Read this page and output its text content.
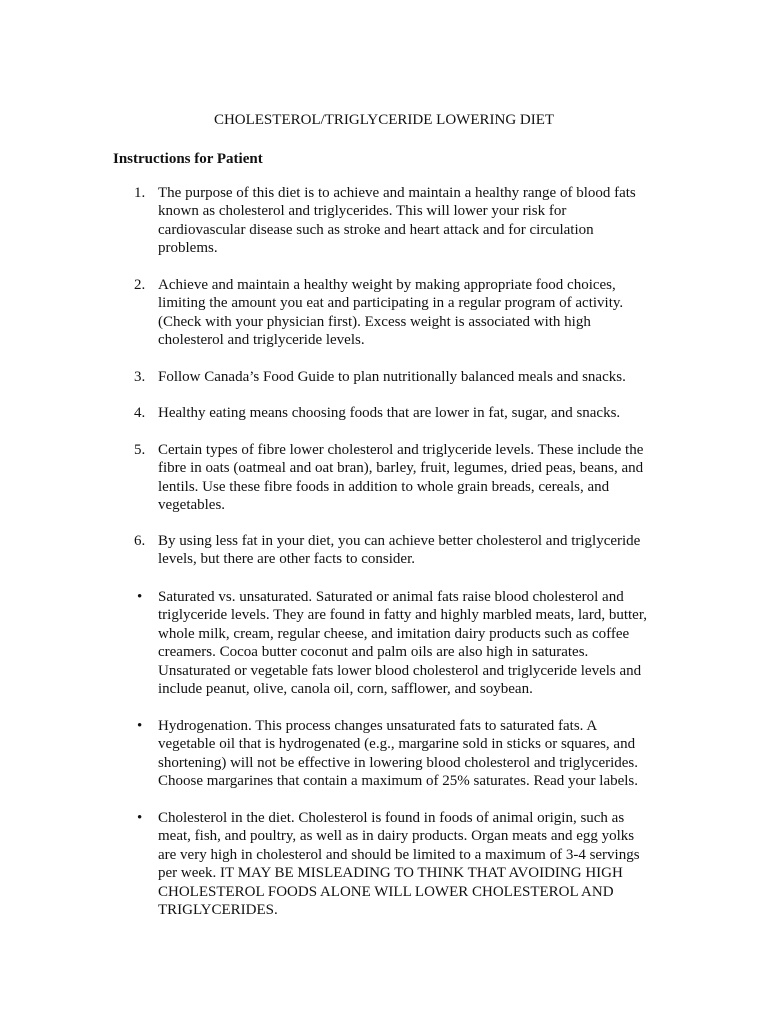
CHOLESTEROL/TRIGLYCERIDE LOWERING DIET
Instructions for Patient
1. The purpose of this diet is to achieve and maintain a healthy range of blood fats
known as cholesterol and triglycerides. This will lower your risk for
cardiovascular disease such as stroke and heart attack and for circulation
problems.

2. Achieve and maintain a healthy weight by making appropriate food choices,
limiting the amount you eat and participating in a regular program of activity.
(Check with your physician first). Excess weight is associated with high
cholesterol and triglyceride levels.

3. Follow Canada’s Food Guide to plan nutritionally balanced meals and snacks.

4. Healthy eating means choosing foods that are lower in fat, sugar, and snacks.

5. Certain types of fibre lower cholesterol and triglyceride levels. These include the
fibre in oats (oatmeal and oat bran), barley, fruit, legumes, dried peas, beans, and
lentils. Use these fibre foods in addition to whole grain breads, cereals, and
vegetables.

6. By using less fat in your diet, you can achieve better cholesterol and triglyceride
levels, but there are other facts to consider.

• Saturated vs. unsaturated. Saturated or animal fats raise blood cholesterol and
triglyceride levels. They are found in fatty and highly marbled meats, lard, butter,
whole milk, cream, regular cheese, and imitation dairy products such as coffee
creamers. Cocoa butter coconut and palm oils are also high in saturates.
Unsaturated or vegetable fats lower blood cholesterol and triglyceride levels and
include peanut, olive, canola oil, corn, safflower, and soybean.

• Hydrogenation. This process changes unsaturated fats to saturated fats. A
vegetable oil that is hydrogenated (e.g., margarine sold in sticks or squares, and
shortening) will not be effective in lowering blood cholesterol and triglycerides.
Choose margarines that contain a maximum of 25% saturates. Read your labels.

• Cholesterol in the diet. Cholesterol is found in foods of animal origin, such as
meat, fish, and poultry, as well as in dairy products. Organ meats and egg yolks
are very high in cholesterol and should be limited to a maximum of 3-4 servings
per week. IT MAY BE MISLEADING TO THINK THAT AVOIDING HIGH
CHOLESTEROL FOODS ALONE WILL LOWER CHOLESTEROL AND
TRIGLYCERIDES.
